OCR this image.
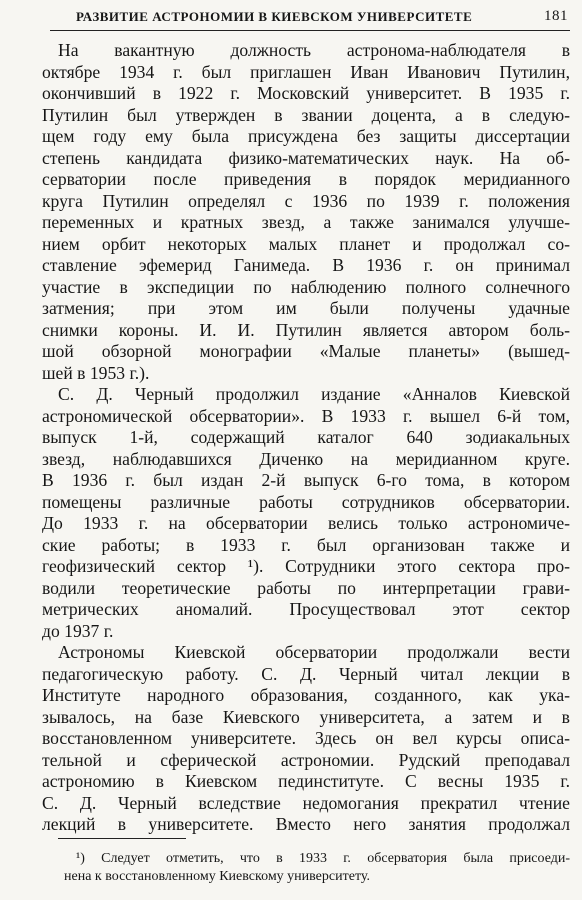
РАЗВИТИЕ АСТРОНОМИИ В КИЕВСКОМ УНИВЕРСИТЕТЕ	181
На вакантную должность астронома-наблюдателя в
октябре 1934 г. был приглашен Иван Иванович Путилин,
окончивший в 1922 г. Московский университет. В 1935 г.
Путилин был утвержден в звании доцента, а в следую-
щем году ему была присуждена без защиты диссертации
степень кандидата физико-математических наук. На об-
серватории после приведения в порядок меридианного
круга Путилин определял с 1936 по 1939 г. положения
переменных и кратных звезд, а также занимался улучше-
нием орбит некоторых малых планет и продолжал со-
ставление эфемерид Ганимеда. В 1936 г. он принимал
участие в экспедиции по наблюдению полного солнечного
затмения; при этом им были получены удачные
снимки короны. И. И. Путилин является автором боль-
шой обзорной монографии «Малые планеты» (вышед-
шей в 1953 г.).
С. Д. Черный продолжил издание «Анналов Киевской
астрономической обсерватории». В 1933 г. вышел 6-й том,
выпуск 1-й, содержащий каталог 640 зодиакальных
звезд, наблюдавшихся Диченко на меридианном круге.
В 1936 г. был издан 2-й выпуск 6-го тома, в котором
помещены различные работы сотрудников обсерватории.
До 1933 г. на обсерватории велись только астрономиче-
ские работы; в 1933 г. был организован также и
геофизический сектор ¹). Сотрудники этого сектора про-
водили теоретические работы по интерпретации грави-
метрических аномалий. Просуществовал этот сектор
до 1937 г.
Астрономы Киевской обсерватории продолжали вести
педагогическую работу. С. Д. Черный читал лекции в
Институте народного образования, созданного, как ука-
зывалось, на базе Киевского университета, а затем и в
восстановленном университете. Здесь он вел курсы описа-
тельной и сферической астрономии. Рудский преподавал
астрономию в Киевском пединституте. С весны 1935 г.
С. Д. Черный вследствие недомогания прекратил чтение
лекций в университете. Вместо него занятия продолжал
¹) Следует отметить, что в 1933 г. обсерватория была присоеди-
нена к восстановленному Киевскому университету.
